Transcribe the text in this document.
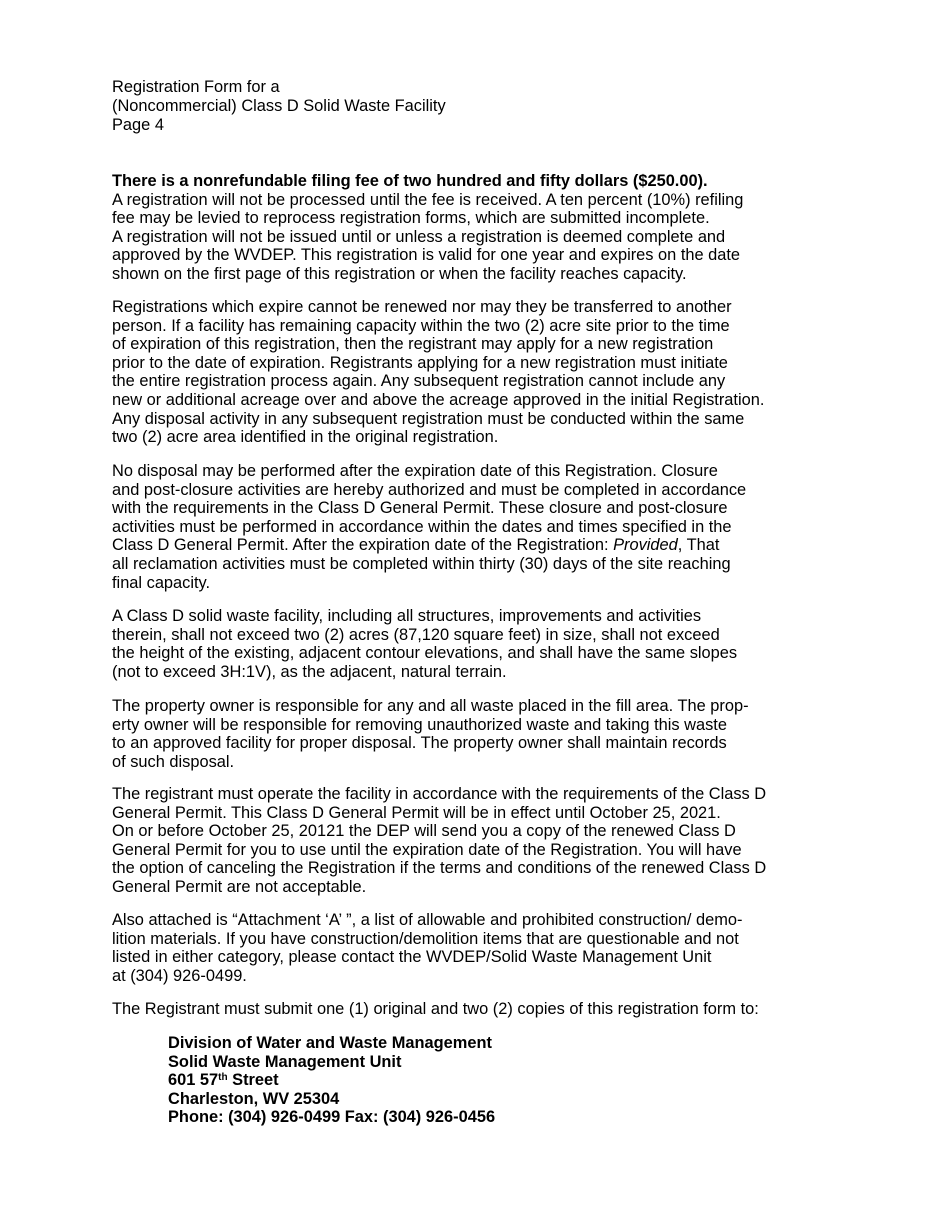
Registration Form for a
(Noncommercial) Class D Solid Waste Facility
Page 4
There is a nonrefundable filing fee of two hundred and fifty dollars ($250.00).
A registration will not be processed until the fee is received. A ten percent (10%) refiling
fee may be levied to reprocess registration forms, which are submitted incomplete.
A registration will not be issued until or unless a registration is deemed complete and
approved by the WVDEP. This registration is valid for one year and expires on the date
shown on the first page of this registration or when the facility reaches capacity.
Registrations which expire cannot be renewed nor may they be transferred to another
person. If a facility has remaining capacity within the two (2) acre site prior to the time
of expiration of this registration, then the registrant may apply for a new registration
prior to the date of expiration. Registrants applying for a new registration must initiate
the entire registration process again. Any subsequent registration cannot include any
new or additional acreage over and above the acreage approved in the initial Registration.
Any disposal activity in any subsequent registration must be conducted within the same
two (2) acre area identified in the original registration.
No disposal may be performed after the expiration date of this Registration. Closure
and post-closure activities are hereby authorized and must be completed in accordance
with the requirements in the Class D General Permit. These closure and post-closure
activities must be performed in accordance within the dates and times specified in the
Class D General Permit. After the expiration date of the Registration: Provided, That
all reclamation activities must be completed within thirty (30) days of the site reaching
final capacity.
A Class D solid waste facility, including all structures, improvements and activities
therein, shall not exceed two (2) acres (87,120 square feet) in size, shall not exceed
the height of the existing, adjacent contour elevations, and shall have the same slopes
(not to exceed 3H:1V), as the adjacent, natural terrain.
The property owner is responsible for any and all waste placed in the fill area. The prop-
erty owner will be responsible for removing unauthorized waste and taking this waste
to an approved facility for proper disposal. The property owner shall maintain records
of such disposal.
The registrant must operate the facility in accordance with the requirements of the Class D
General Permit. This Class D General Permit will be in effect until October 25, 2021.
On or before October 25, 20121 the DEP will send you a copy of the renewed Class D
General Permit for you to use until the expiration date of the Registration. You will have
the option of canceling the Registration if the terms and conditions of the renewed Class D
General Permit are not acceptable.
Also attached is “Attachment ‘A’ ”, a list of allowable and prohibited construction/ demo-
lition materials. If you have construction/demolition items that are questionable and not
listed in either category, please contact the WVDEP/Solid Waste Management Unit
at (304) 926-0499.
The Registrant must submit one (1) original and two (2) copies of this registration form to:
Division of Water and Waste Management
Solid Waste Management Unit
601 57th Street
Charleston, WV 25304
Phone: (304) 926-0499 Fax: (304) 926-0456
